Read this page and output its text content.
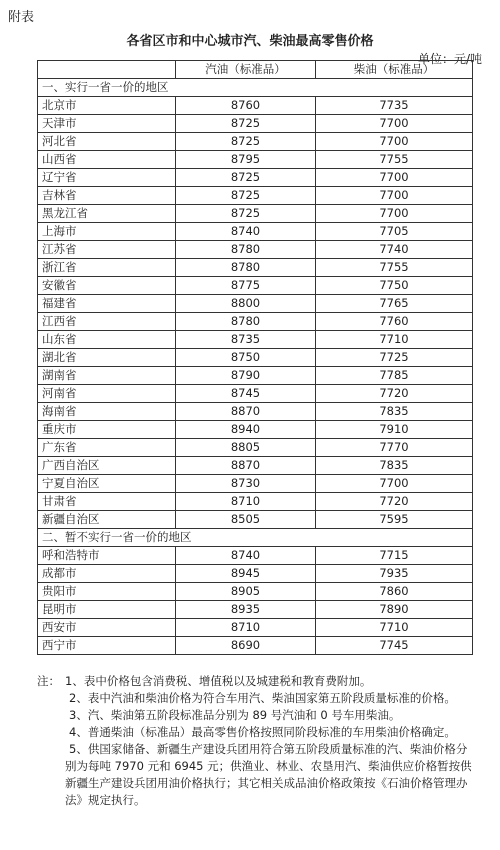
附表
各省区市和中心城市汽、柴油最高零售价格
单位：元/吨
	汽油（标准品）	柴油（标准品）
一、实行一省一价的地区		
北京市	8760	7735
天津市	8725	7700
河北省	8725	7700
山西省	8795	7755
辽宁省	8725	7700
吉林省	8725	7700
黑龙江省	8725	7700
上海市	8740	7705
江苏省	8780	7740
浙江省	8780	7755
安徽省	8775	7750
福建省	8800	7765
江西省	8780	7760
山东省	8735	7710
湖北省	8750	7725
湖南省	8790	7785
河南省	8745	7720
海南省	8870	7835
重庆市	8940	7910
广东省	8805	7770
广西自治区	8870	7835
宁夏自治区	8730	7700
甘肃省	8710	7720
新疆自治区	8505	7595
二、暂不实行一省一价的地区		
呼和浩特市	8740	7715
成都市	8945	7935
贵阳市	8905	7860
昆明市	8935	7890
西安市	8710	7710
西宁市	8690	7745
注： 1、表中价格包含消费税、增值税以及城建税和教育费附加。
2、表中汽油和柴油价格为符合车用汽、柴油国家第五阶段质量标准的价格。
3、汽、柴油第五阶段标准品分别为 89 号汽油和 0 号车用柴油。
4、普通柴油（标准品）最高零售价格按照同阶段标准的车用柴油价格确定。
5、供国家储备、新疆生产建设兵团用符合第五阶段质量标准的汽、柴油价格分别为每吨 7970 元和 6945 元；供渔业、林业、农垦用汽、柴油供应价格暂按供新疆生产建设兵团用油价格执行；其它相关成品油价格政策按《石油价格管理办法》规定执行。
